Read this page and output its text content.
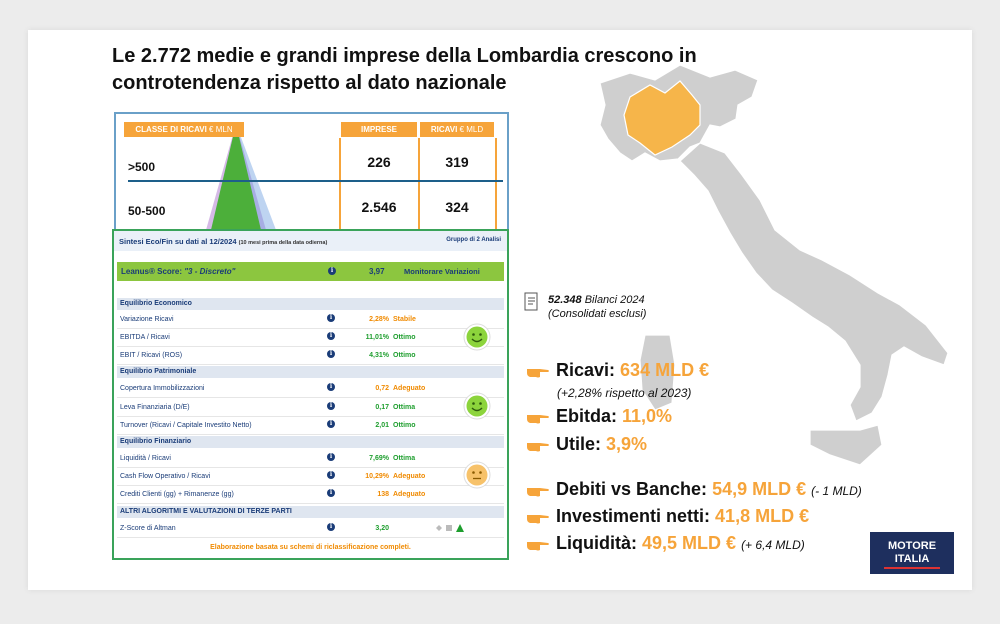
Le 2.772 medie e grandi imprese della Lombardia crescono in controtendenza rispetto al dato nazionale
CLASSE DI RICAVI € MLN	IMPRESE	RICAVI € MLD
>500	226	319
50-500	2.546	324
Sintesi Eco/Fin su dati al 12/2024 (10 mesi prima della data odierna)	Gruppo di 2 Analisi
Leanus® Score: "3 - Discreto"	i	3,97	Monitorare Variazioni
Equilibrio Economico
Variazione Ricavi	i	2,28% Stabile
EBITDA / Ricavi	i	11,01% Ottimo
EBIT / Ricavi (ROS)	i	4,31% Ottimo
Equilibrio Patrimoniale
Copertura Immobilizzazioni	i	0,72 Adeguato
Leva Finanziaria (D/E)	i	0,17 Ottima
Turnover (Ricavi / Capitale Investito Netto)	i	2,01 Ottimo
Equilibrio Finanziario
Liquidità / Ricavi	i	7,69% Ottima
Cash Flow Operativo / Ricavi	i	10,29% Adeguato
Crediti Clienti (gg) + Rimanenze (gg)	i	138 Adeguato
ALTRI ALGORITMI E VALUTAZIONI DI TERZE PARTI
Z-Score di Altman	i	3,20
Elaborazione basata su schemi di riclassificazione completi.
52.348 Bilanci 2024
(Consolidati esclusi)
Ricavi: 634 MLD €
(+2,28% rispetto al 2023)
Ebitda: 11,0%
Utile: 3,9%
Debiti vs Banche: 54,9 MLD € (- 1 MLD)
Investimenti netti: 41,8 MLD €
Liquidità: 49,5 MLD € (+ 6,4 MLD)	MOTORE
ITALIA
